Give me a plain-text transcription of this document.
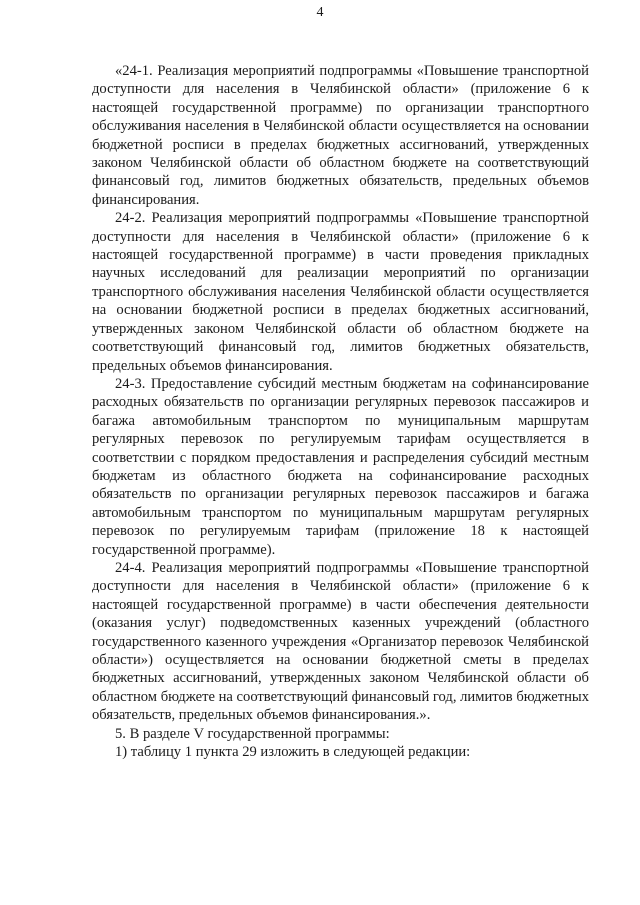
4

«24-1. Реализация мероприятий подпрограммы «Повышение транспортной доступности для населения в Челябинской области» (приложение 6 к настоящей государственной программе) по организации транспортного обслуживания населения в Челябинской области осуществляется на основании бюджетной росписи в пределах бюджетных ассигнований, утвержденных законом Челябинской области об областном бюджете на соответствующий финансовый год, лимитов бюджетных обязательств, предельных объемов финансирования.

24-2. Реализация мероприятий подпрограммы «Повышение транспортной доступности для населения в Челябинской области» (приложение 6 к настоящей государственной программе) в части проведения прикладных научных исследований для реализации мероприятий по организации транспортного обслуживания населения Челябинской области осуществляется на основании бюджетной росписи в пределах бюджетных ассигнований, утвержденных законом Челябинской области об областном бюджете на соответствующий финансовый год, лимитов бюджетных обязательств, предельных объемов финансирования.

24-3. Предоставление субсидий местным бюджетам на софинансирование расходных обязательств по организации регулярных перевозок пассажиров и багажа автомобильным транспортом по муниципальным маршрутам регулярных перевозок по регулируемым тарифам осуществляется в соответствии с порядком предоставления и распределения субсидий местным бюджетам из областного бюджета на софинансирование расходных обязательств по организации регулярных перевозок пассажиров и багажа автомобильным транспортом по муниципальным маршрутам регулярных перевозок по регулируемым тарифам (приложение 18 к настоящей государственной программе).

24-4. Реализация мероприятий подпрограммы «Повышение транспортной доступности для населения в Челябинской области» (приложение 6 к настоящей государственной программе) в части обеспечения деятельности (оказания услуг) подведомственных казенных учреждений (областного государственного казенного учреждения «Организатор перевозок Челябинской области») осуществляется на основании бюджетной сметы в пределах бюджетных ассигнований, утвержденных законом Челябинской области об областном бюджете на соответствующий финансовый год, лимитов бюджетных обязательств, предельных объемов финансирования.».

5. В разделе V государственной программы:

1) таблицу 1 пункта 29 изложить в следующей редакции:
